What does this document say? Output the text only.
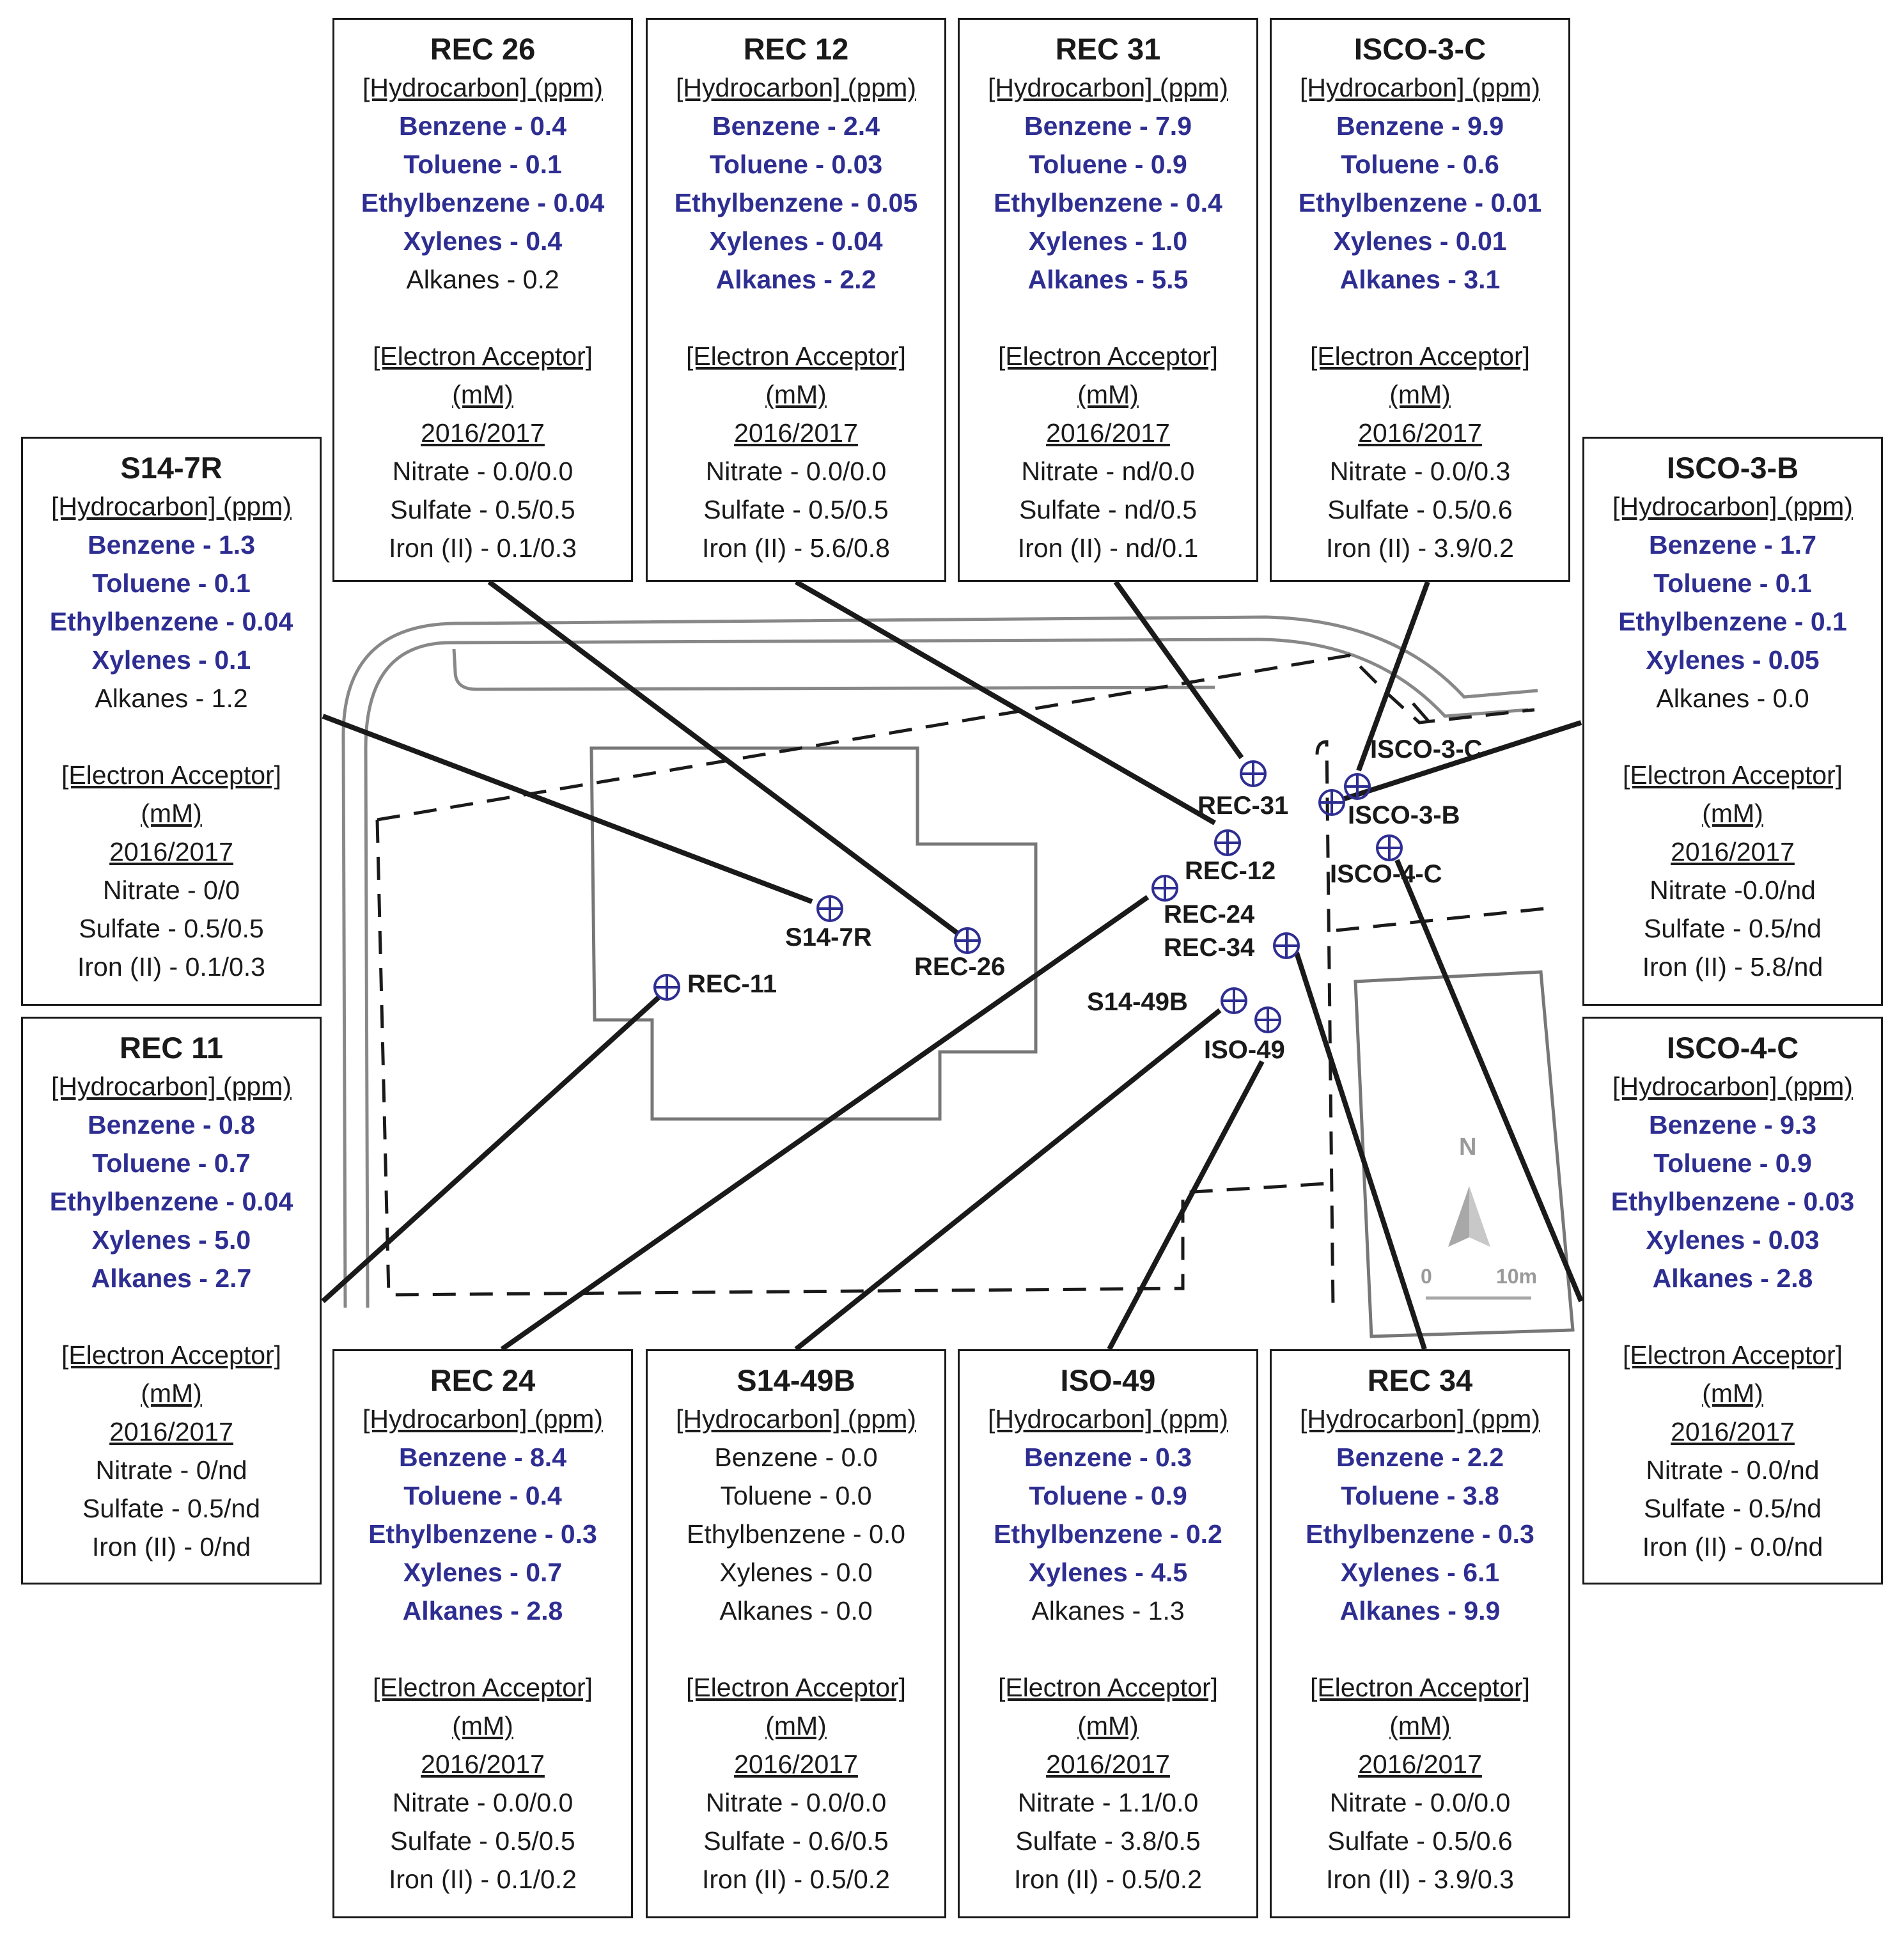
N
0	10m
S14-7R
REC-26
REC-11
REC-31
REC-12
REC-24
REC-34
S14-49B
ISO-49
ISCO-3-C
ISCO-3-B
ISCO-4-C
REC 26
[Hydrocarbon] (ppm)
Benzene - 0.4
Toluene - 0.1
Ethylbenzene - 0.04
Xylenes - 0.4
Alkanes - 0.2
[Electron Acceptor]
(mM)
2016/2017
Nitrate - 0.0/0.0
Sulfate - 0.5/0.5
Iron (II) - 0.1/0.3
REC 12
[Hydrocarbon] (ppm)
Benzene - 2.4
Toluene - 0.03
Ethylbenzene - 0.05
Xylenes - 0.04
Alkanes - 2.2
[Electron Acceptor]
(mM)
2016/2017
Nitrate - 0.0/0.0
Sulfate - 0.5/0.5
Iron (II) - 5.6/0.8
REC 31
[Hydrocarbon] (ppm)
Benzene - 7.9
Toluene - 0.9
Ethylbenzene - 0.4
Xylenes - 1.0
Alkanes - 5.5
[Electron Acceptor]
(mM)
2016/2017
Nitrate - nd/0.0
Sulfate - nd/0.5
Iron (II) - nd/0.1
ISCO-3-C
[Hydrocarbon] (ppm)
Benzene - 9.9
Toluene - 0.6
Ethylbenzene - 0.01
Xylenes - 0.01
Alkanes - 3.1
[Electron Acceptor]
(mM)
2016/2017
Nitrate - 0.0/0.3
Sulfate - 0.5/0.6
Iron (II) - 3.9/0.2
S14-7R
[Hydrocarbon] (ppm)
Benzene - 1.3
Toluene - 0.1
Ethylbenzene - 0.04
Xylenes - 0.1
Alkanes - 1.2
[Electron Acceptor]
(mM)
2016/2017
Nitrate - 0/0
Sulfate - 0.5/0.5
Iron (II) - 0.1/0.3
ISCO-3-B
[Hydrocarbon] (ppm)
Benzene - 1.7
Toluene - 0.1
Ethylbenzene - 0.1
Xylenes - 0.05
Alkanes - 0.0
[Electron Acceptor]
(mM)
2016/2017
Nitrate -0.0/nd
Sulfate - 0.5/nd
Iron (II) - 5.8/nd
REC 11
[Hydrocarbon] (ppm)
Benzene - 0.8
Toluene - 0.7
Ethylbenzene - 0.04
Xylenes - 5.0
Alkanes - 2.7
[Electron Acceptor]
(mM)
2016/2017
Nitrate - 0/nd
Sulfate - 0.5/nd
Iron (II) - 0/nd
ISCO-4-C
[Hydrocarbon] (ppm)
Benzene - 9.3
Toluene - 0.9
Ethylbenzene - 0.03
Xylenes - 0.03
Alkanes - 2.8
[Electron Acceptor]
(mM)
2016/2017
Nitrate - 0.0/nd
Sulfate - 0.5/nd
Iron (II) - 0.0/nd
REC 24
[Hydrocarbon] (ppm)
Benzene - 8.4
Toluene - 0.4
Ethylbenzene - 0.3
Xylenes - 0.7
Alkanes - 2.8
[Electron Acceptor]
(mM)
2016/2017
Nitrate - 0.0/0.0
Sulfate - 0.5/0.5
Iron (II) - 0.1/0.2
S14-49B
[Hydrocarbon] (ppm)
Benzene - 0.0
Toluene - 0.0
Ethylbenzene - 0.0
Xylenes - 0.0
Alkanes - 0.0
[Electron Acceptor]
(mM)
2016/2017
Nitrate - 0.0/0.0
Sulfate - 0.6/0.5
Iron (II) - 0.5/0.2
ISO-49
[Hydrocarbon] (ppm)
Benzene - 0.3
Toluene - 0.9
Ethylbenzene - 0.2
Xylenes - 4.5
Alkanes - 1.3
[Electron Acceptor]
(mM)
2016/2017
Nitrate - 1.1/0.0
Sulfate - 3.8/0.5
Iron (II) - 0.5/0.2
REC 34
[Hydrocarbon] (ppm)
Benzene - 2.2
Toluene - 3.8
Ethylbenzene - 0.3
Xylenes - 6.1
Alkanes - 9.9
[Electron Acceptor]
(mM)
2016/2017
Nitrate - 0.0/0.0
Sulfate - 0.5/0.6
Iron (II) - 3.9/0.3
